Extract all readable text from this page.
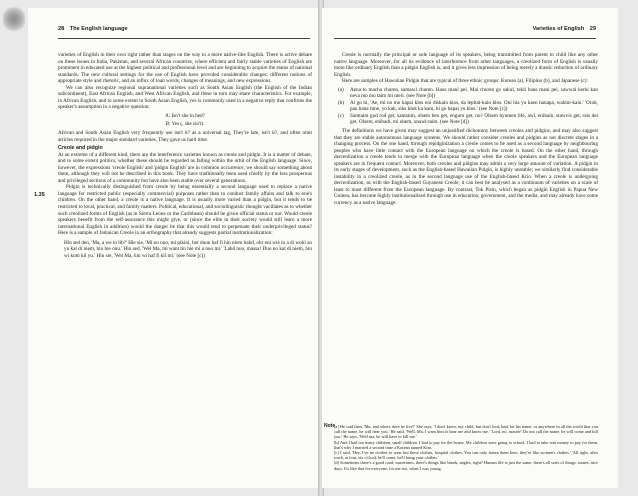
28 The English language

varieties of English in their own right rather than stages on the way to a more native-like English. There is active debate on these issues in India, Pakistan, and several African countries, where efficient and fairly stable varieties of English are prominent in educated use at the highest political and professional level and are beginning to acquire the status of national standards. The new cultural settings for the use of English have provided considerable changes: different notions of appropriate style and rhetoric, and an influx of loan words, changes of meanings, and new expressions.

We can also recognize regional supranational varieties such as South Asian English (the English of the Indian subcontinent), East African English, and West African English, and these in turn may share characteristics. For example, in African English, and to some extent in South Asian English, yes is commonly used in a negative reply that confirms the speaker's assumption in a negative question:

A: Isn't she in bed?
B: Yes (, she isn't).

African and South Asian English very frequently use isn't it? as a universal tag, They're late, isn't it?, and often omit articles required in the major standard varieties, They gave us hard time.

Creole and pidgin

At an extreme of a different kind, there are the interference varieties known as creole and pidgin. It is a matter of debate, and to some extent politics, whether these should be regarded as falling within the orbit of the English language. Since, however, the expressions 'creole English' and 'pidgin English' are in common occurrence, we should say something about them, although they will not be described in this book. They have traditionally been used chiefly by the less prosperous and privileged sections of a community but have also been stable over several generations.

Pidgin is technically distinguished from creole by being essentially a second language used to replace a native language for restricted public (especially commercial) purposes rather than to conduct family affairs and talk to one's children. On the other hand, a creole is a native language. It is usually more varied than a pidgin, but it tends to be restricted to local, practical, and family matters. Political, educational, and sociolinguistic thought vacillates as to whether such creolized forms of English (as in Sierra Leone or the Caribbean) should be given official status or not. Would creole speakers benefit from the self-assurance this might give, or (since the elite in their society would still learn a more international English in addition) would the danger be that this would tend to perpetuate their underprivileged status? Here is a sample of Jamaican Creole in an orthography that already suggests partial institutionalization:

Hin sed den, 'Ma, a we in lib?' Hie sie, 'Mi no nuo, mi pikini, bot duon haf fi hin niem hahd, ohr eni wie in a di wohl an yu kal di niem, hin hie onu.' Hin sed, 'Wel Ma, mi want tin hie mi a nuo mi.' 'Lahd nuo, massa! Duo no kal di niem, hin wi kom kil yu.' Hin sie, 'Wel Ma, hin wi haf fi kil mi.' (see Note [c])
1.35
Varieties of English 29

Creole is normally the principal or sole language of its speakers, being transmitted from parent to child like any other native language. Moreover, for all its evidence of interference from other languages, a creolized form of English is usually more like ordinary English than a pidgin English is, and it gives less impression of being merely a drastic reduction of ordinary English.

Here are samples of Hawaiian Pidgin that are typical of three ethnic groups: Korean (a), Filipino (b), and Japanese (c):

(a)	Aena to macha churen, samawl churen. Haus mani pei. Mai churen go sakul, tekli haus mani pei, sawwal kerki kan neva mo mo taim mi meri. (see Note [b])
(b)	Ai go hi, 'Ae, mi no mo hapai klos oni diskain klos, da lepital-kain klos. Oni hia yu kaen hanapa, wahini-kain.' 'Orait, pau hana time, yo kak, siks klok ka kam, hi go hapai yu klos.' (see Note [c])
(c)	Samtaim gud rod get, samtaim, olsem ben get, enguru get, no? Olsem hyumen life, awl, enikain, stawvis get, rais dei get. Olsem, enibadi, mi ohem, unawl-taim. (see Note [d])

The definitions we have given may suggest an unjustified dichotomy between creoles and pidgins, and may also suggest that they are stable autonomous language systems. We should rather consider creoles and pidgins as not discrete stages in a changing process. On the one hand, through repidginization a creole comes to be used as a second language by neighbouring peoples who have little contact with the European language on which the creole is based. On the other hand, through decreolization a creole tends to merge with the European language when the creole speakers and the European language speakers are in frequent contact. Moreover, both creoles and pidgins may admit a very large amount of variation. A pidgin in its early stages of development, such as the English-based Hawaiian Pidgin, is highly unstable; we similarly find considerable instability in a creolized creole, as in the second language use of the English-based Krio. When a creole is undergoing decreolization, as with the English-based Guyanese Creole, it can best be analysed as a continuum of varieties on a scale of least to most different from the European language. By contrast, Tok Pisin, which began as pidgin English in Papua New Guinea, has become highly institutionalized through use in education, government, and the media, and may already have some currency as a native language.

Note

[a] He said then, 'Ma, and where does he live?' She says, 'I don't know, my child, but don't look hard for his name, or anywhere in all the world that you call the name, he will hear you.' He said, 'Well, Ma, I want him to hear me and know me.' 'Lord, no, master! Do not call the name, he will come and kill you.' He says, 'Well ma, he will have to kill me.'

[b] And I had too many children, small children. I had to pay for the house. My children were going to school, I had to take rent money to pay for them, that's why I married a second time a Korean named Kim.

[c] I said, 'Hey, I've no clothes to wear but these clothes, hospital clothes. You can only fasten them here, they're like women's clothes.' 'All right, after work, at four, six o'clock he'll come, he'll bring your clothes.'

[d] Sometimes there's a good road, sometimes, there's things like bends, angles, right? Human life is just the same, there's all sorts of things, stones, nice days. It's like that for everyone, for me too, when I was young.
